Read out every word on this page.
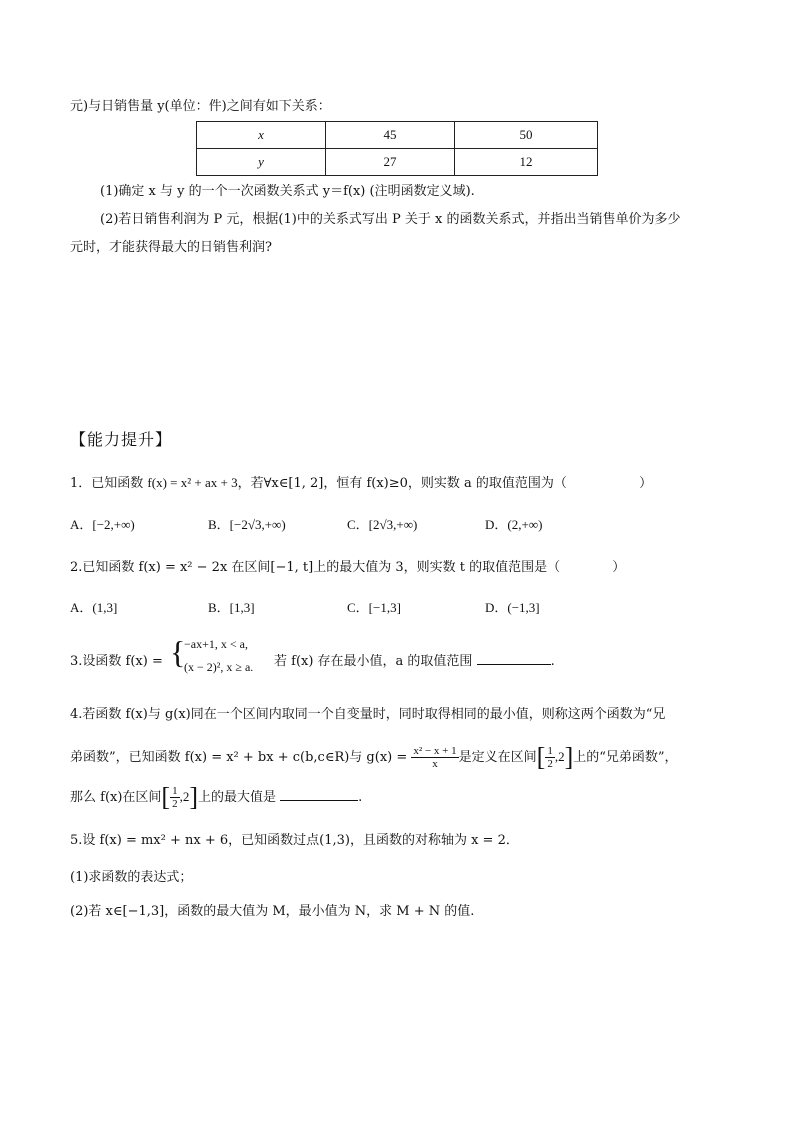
元)与日销售量 y(单位：件)之间有如下关系：
x	45	50
y	27	12
(1)确定 x 与 y 的一个一次函数关系式 y＝f(x) (注明函数定义域).
(2)若日销售利润为 P 元，根据(1)中的关系式写出 P 关于 x 的函数关系式，并指出当销售单价为多少
元时，才能获得最大的日销售利润?
【能力提升】
1．已知函数 f(x) = x² + ax + 3，若∀x∈[1, 2]，恒有 f(x)≥0，则实数 a 的取值范围为（	）
A．[−2,+∞)	B．[−2√3,+∞)	C．[2√3,+∞)	D．(2,+∞)
2.已知函数 f(x) = x² − 2x 在区间[−1, t]上的最大值为 3，则实数 t 的取值范围是（	）
A．(1,3]	B．[1,3]	C．[−1,3]	D．(−1,3]
3.设函数 f(x) = {
−ax+1, x < a,
(x − 2)², x ≥ a. 若 f(x) 存在最小值，a 的取值范围	.
4.若函数 f(x)与 g(x)同在一个区间内取同一个自变量时，同时取得相同的最小值，则称这两个函数为“兄
弟函数”，已知函数 f(x) = x² + bx + c(b,c∈R)与 $g(x) = \frac{\text{x² − x + 1}}{x}$ 是定义在区间[ $\frac{1}{2} ,2$]上的“兄弟函数”，
那么 f(x)在区间[ $\frac{1}{2} ,2$]上的最大值是	.
5.设 f(x) = mx² + nx + 6，已知函数过点(1,3)，且函数的对称轴为 x = 2．
(1)求函数的表达式；
(2)若 x∈[−1,3]，函数的最大值为 M，最小值为 N，求 M + N 的值.
